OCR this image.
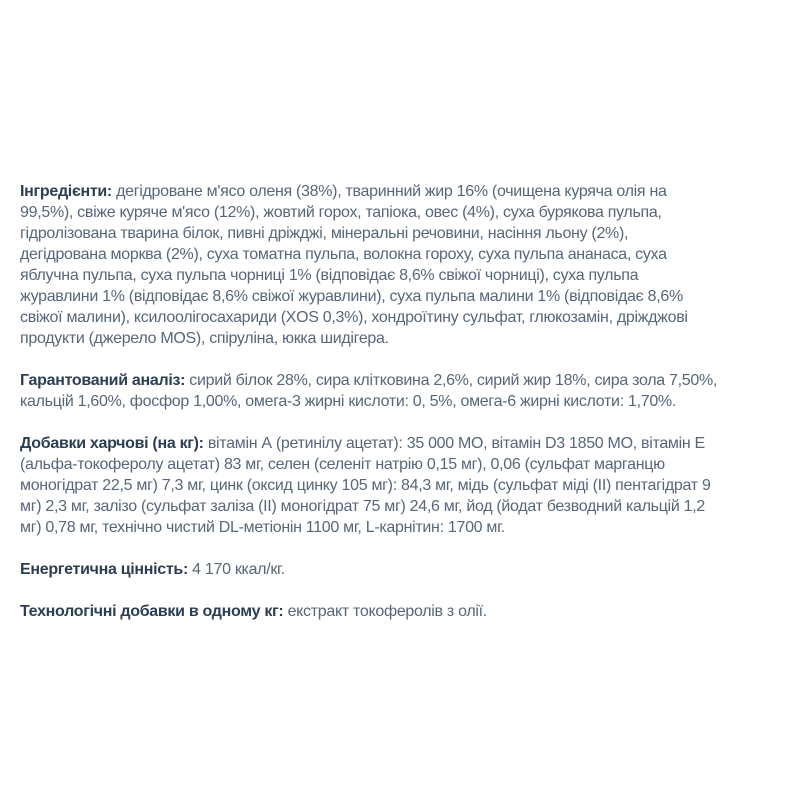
Інгредієнти: дегідроване м'ясо оленя (38%), тваринний жир 16% (очищена куряча олія на
99,5%), свіже куряче м'ясо (12%), жовтий горох, тапіока, овес (4%), суха бурякова пульпа,
гідролізована тварина білок, пивні дріжджі, мінеральні речовини, насіння льону (2%),
дегідрована морква (2%), суха томатна пульпа, волокна гороху, суха пульпа ананаса, суха
яблучна пульпа, суха пульпа чорниці 1% (відповідає 8,6% свіжої чорниці), суха пульпа
журавлини 1% (відповідає 8,6% свіжої журавлини), суха пульпа малини 1% (відповідає 8,6%
свіжої малини), ксилоолігосахариди (XOS 0,3%), хондроїтину сульфат, глюкозамін, дріжджові
продукти (джерело MOS), спіруліна, юкка шидігера.
Гарантований аналіз: сирий білок 28%, сира клітковина 2,6%, сирий жир 18%, сира зола 7,50%,
кальцій 1,60%, фосфор 1,00%, омега-3 жирні кислоти: 0, 5%, омега-6 жирні кислоти: 1,70%.
Добавки харчові (на кг): вітамін А (ретинілу ацетат): 35 000 МО, вітамін D3 1850 МО, вітамін Е
(альфа-токоферолу ацетат) 83 мг, селен (селеніт натрію 0,15 мг), 0,06 (сульфат марганцю
моногідрат 22,5 мг) 7,3 мг, цинк (оксид цинку 105 мг): 84,3 мг, мідь (сульфат міді (II) пентагідрат 9
мг) 2,3 мг, залізо (сульфат заліза (II) моногідрат 75 мг) 24,6 мг, йод (йодат безводний кальцій 1,2
мг) 0,78 мг, технічно чистий DL-метіонін 1100 мг, L-карнітин: 1700 мг.
Енергетична цінність: 4 170 ккал/кг.
Технологічні добавки в одному кг: екстракт токоферолів з олії.
